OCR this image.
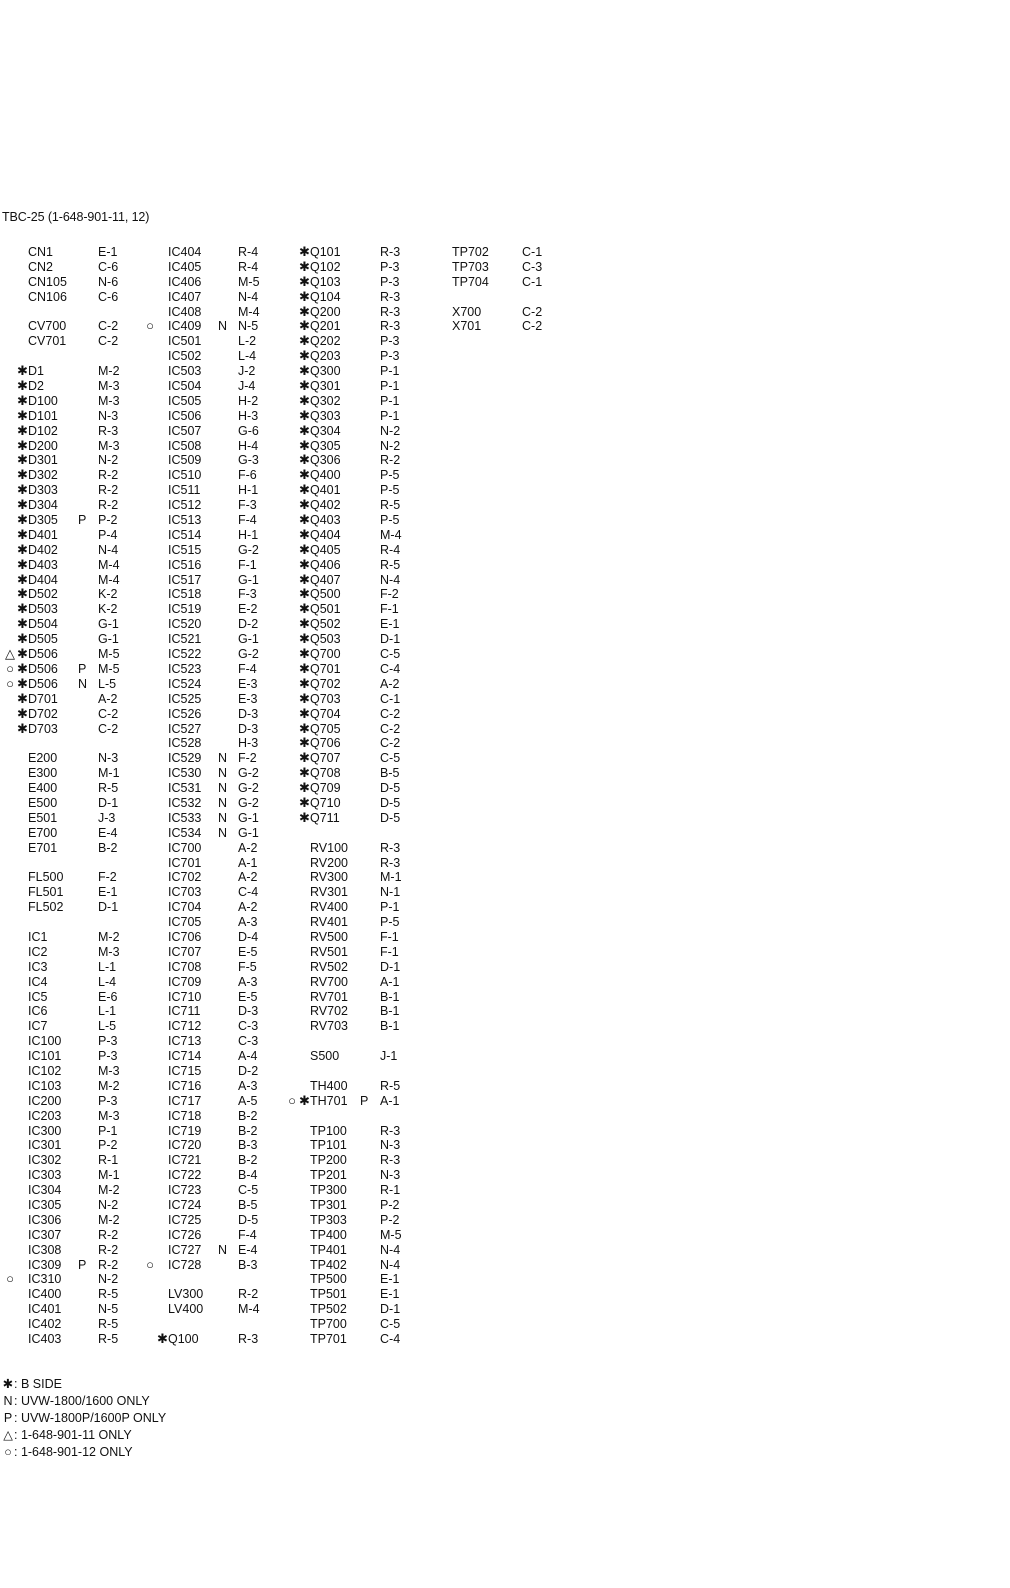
TBC-25 (1-648-901-11, 12)
CN1	E-1
CN2	C-6
CN105 N-6
CN106 C-6
CV700	C-2
CV701	C-2
✱ D1	M-2
✱ D2	M-3
✱ D100	M-3
✱ D101	N-3
✱ D102	R-3
✱ D200	M-3
✱ D301	N-2
✱ D302	R-2
✱ D303	R-2
✱ D304	R-2
✱ D305 P P-2
✱ D401	P-4
✱ D402	N-4
✱ D403	M-4
✱ D404	M-4
✱ D502	K-2
✱ D503	K-2
✱ D504	G-1
✱ D505	G-1
△ ✱ D506	M-5
○ ✱ D506 P M-5
○ ✱ D506 N L-5
✱ D701	A-2
✱ D702	C-2
✱ D703	C-2
E200	N-3
E300	M-1
E400	R-5
E500	D-1
E501	J-3
E700	E-4
E701	B-2
FL500	F-2
FL501	E-1
FL502	D-1
IC1	M-2
IC2	M-3
IC3	L-1
IC4	L-4
IC5	E-6
IC6	L-1
IC7	L-5
IC100	P-3
IC101	P-3
IC102	M-3
IC103	M-2
IC200	P-3
IC203	M-3
IC300	P-1
IC301	P-2
IC302	R-1
IC303	M-1
IC304	M-2
IC305	N-2
IC306	M-2
IC307	R-2
IC308	R-2
IC309 P R-2
○ IC310	N-2
IC400	R-5
IC401	N-5
IC402	R-5
IC403	R-5
IC404	R-4
IC405	R-4
IC406	M-5
IC407	N-4
IC408	M-4
○ IC409 N N-5
IC501	L-2
IC502	L-4
IC503	J-2
IC504	J-4
IC505	H-2
IC506	H-3
IC507	G-6
IC508	H-4
IC509	G-3
IC510	F-6
IC511	H-1
IC512	F-3
IC513	F-4
IC514	H-1
IC515	G-2
IC516	F-1
IC517	G-1
IC518	F-3
IC519	E-2
IC520	D-2
IC521	G-1
IC522	G-2
IC523	F-4
IC524	E-3
IC525	E-3
IC526	D-3
IC527	D-3
IC528	H-3
IC529 N F-2
IC530 N G-2
IC531 N G-2
IC532 N G-2
IC533 N G-1
IC534 N G-1
IC700	A-2
IC701	A-1
IC702	A-2
IC703	C-4
IC704	A-2
IC705	A-3
IC706	D-4
IC707	E-5
IC708	F-5
IC709	A-3
IC710	E-5
IC711	D-3
IC712	C-3
IC713	C-3
IC714	A-4
IC715	D-2
IC716	A-3
IC717	A-5
IC718	B-2
IC719	B-2
IC720	B-3
IC721	B-2
IC722	B-4
IC723	C-5
IC724	B-5
IC725	D-5
IC726	F-4
IC727 N E-4
○ IC728	B-3
LV300	R-2
LV400	M-4
✱ Q100	R-3
✱ Q101	R-3
✱ Q102	P-3
✱ Q103	P-3
✱ Q104	R-3
✱ Q200	R-3
✱ Q201	R-3
✱ Q202	P-3
✱ Q203	P-3
✱ Q300	P-1
✱ Q301	P-1
✱ Q302	P-1
✱ Q303	P-1
✱ Q304	N-2
✱ Q305	N-2
✱ Q306	R-2
✱ Q400	P-5
✱ Q401	P-5
✱ Q402	R-5
✱ Q403	P-5
✱ Q404	M-4
✱ Q405	R-4
✱ Q406	R-5
✱ Q407	N-4
✱ Q500	F-2
✱ Q501	F-1
✱ Q502	E-1
✱ Q503	D-1
✱ Q700	C-5
✱ Q701	C-4
✱ Q702	A-2
✱ Q703	C-1
✱ Q704	C-2
✱ Q705	C-2
✱ Q706	C-2
✱ Q707	C-5
✱ Q708	B-5
✱ Q709	D-5
✱ Q710	D-5
✱ Q711	D-5
RV100	R-3
RV200	R-3
RV300	M-1
RV301	N-1
RV400	P-1
RV401	P-5
RV500	F-1
RV501	F-1
RV502	D-1
RV700	A-1
RV701	B-1
RV702	B-1
RV703	B-1
S500	J-1
TH400	R-5
○ ✱ TH701 P A-1
TP100	R-3
TP101	N-3
TP200	R-3
TP201	N-3
TP300	R-1
TP301	P-2
TP303	P-2
TP400	M-5
TP401	N-4
TP402	N-4
TP500	E-1
TP501	E-1
TP502	D-1
TP700	C-5
TP701	C-4
TP702	C-1
TP703	C-3
TP704	C-1
X700	C-2
X701	C-2
✱: B SIDE
N: UVW-1800/1600 ONLY
P : UVW-1800P/1600P ONLY
△: 1-648-901-11 ONLY
○ : 1-648-901-12 ONLY
